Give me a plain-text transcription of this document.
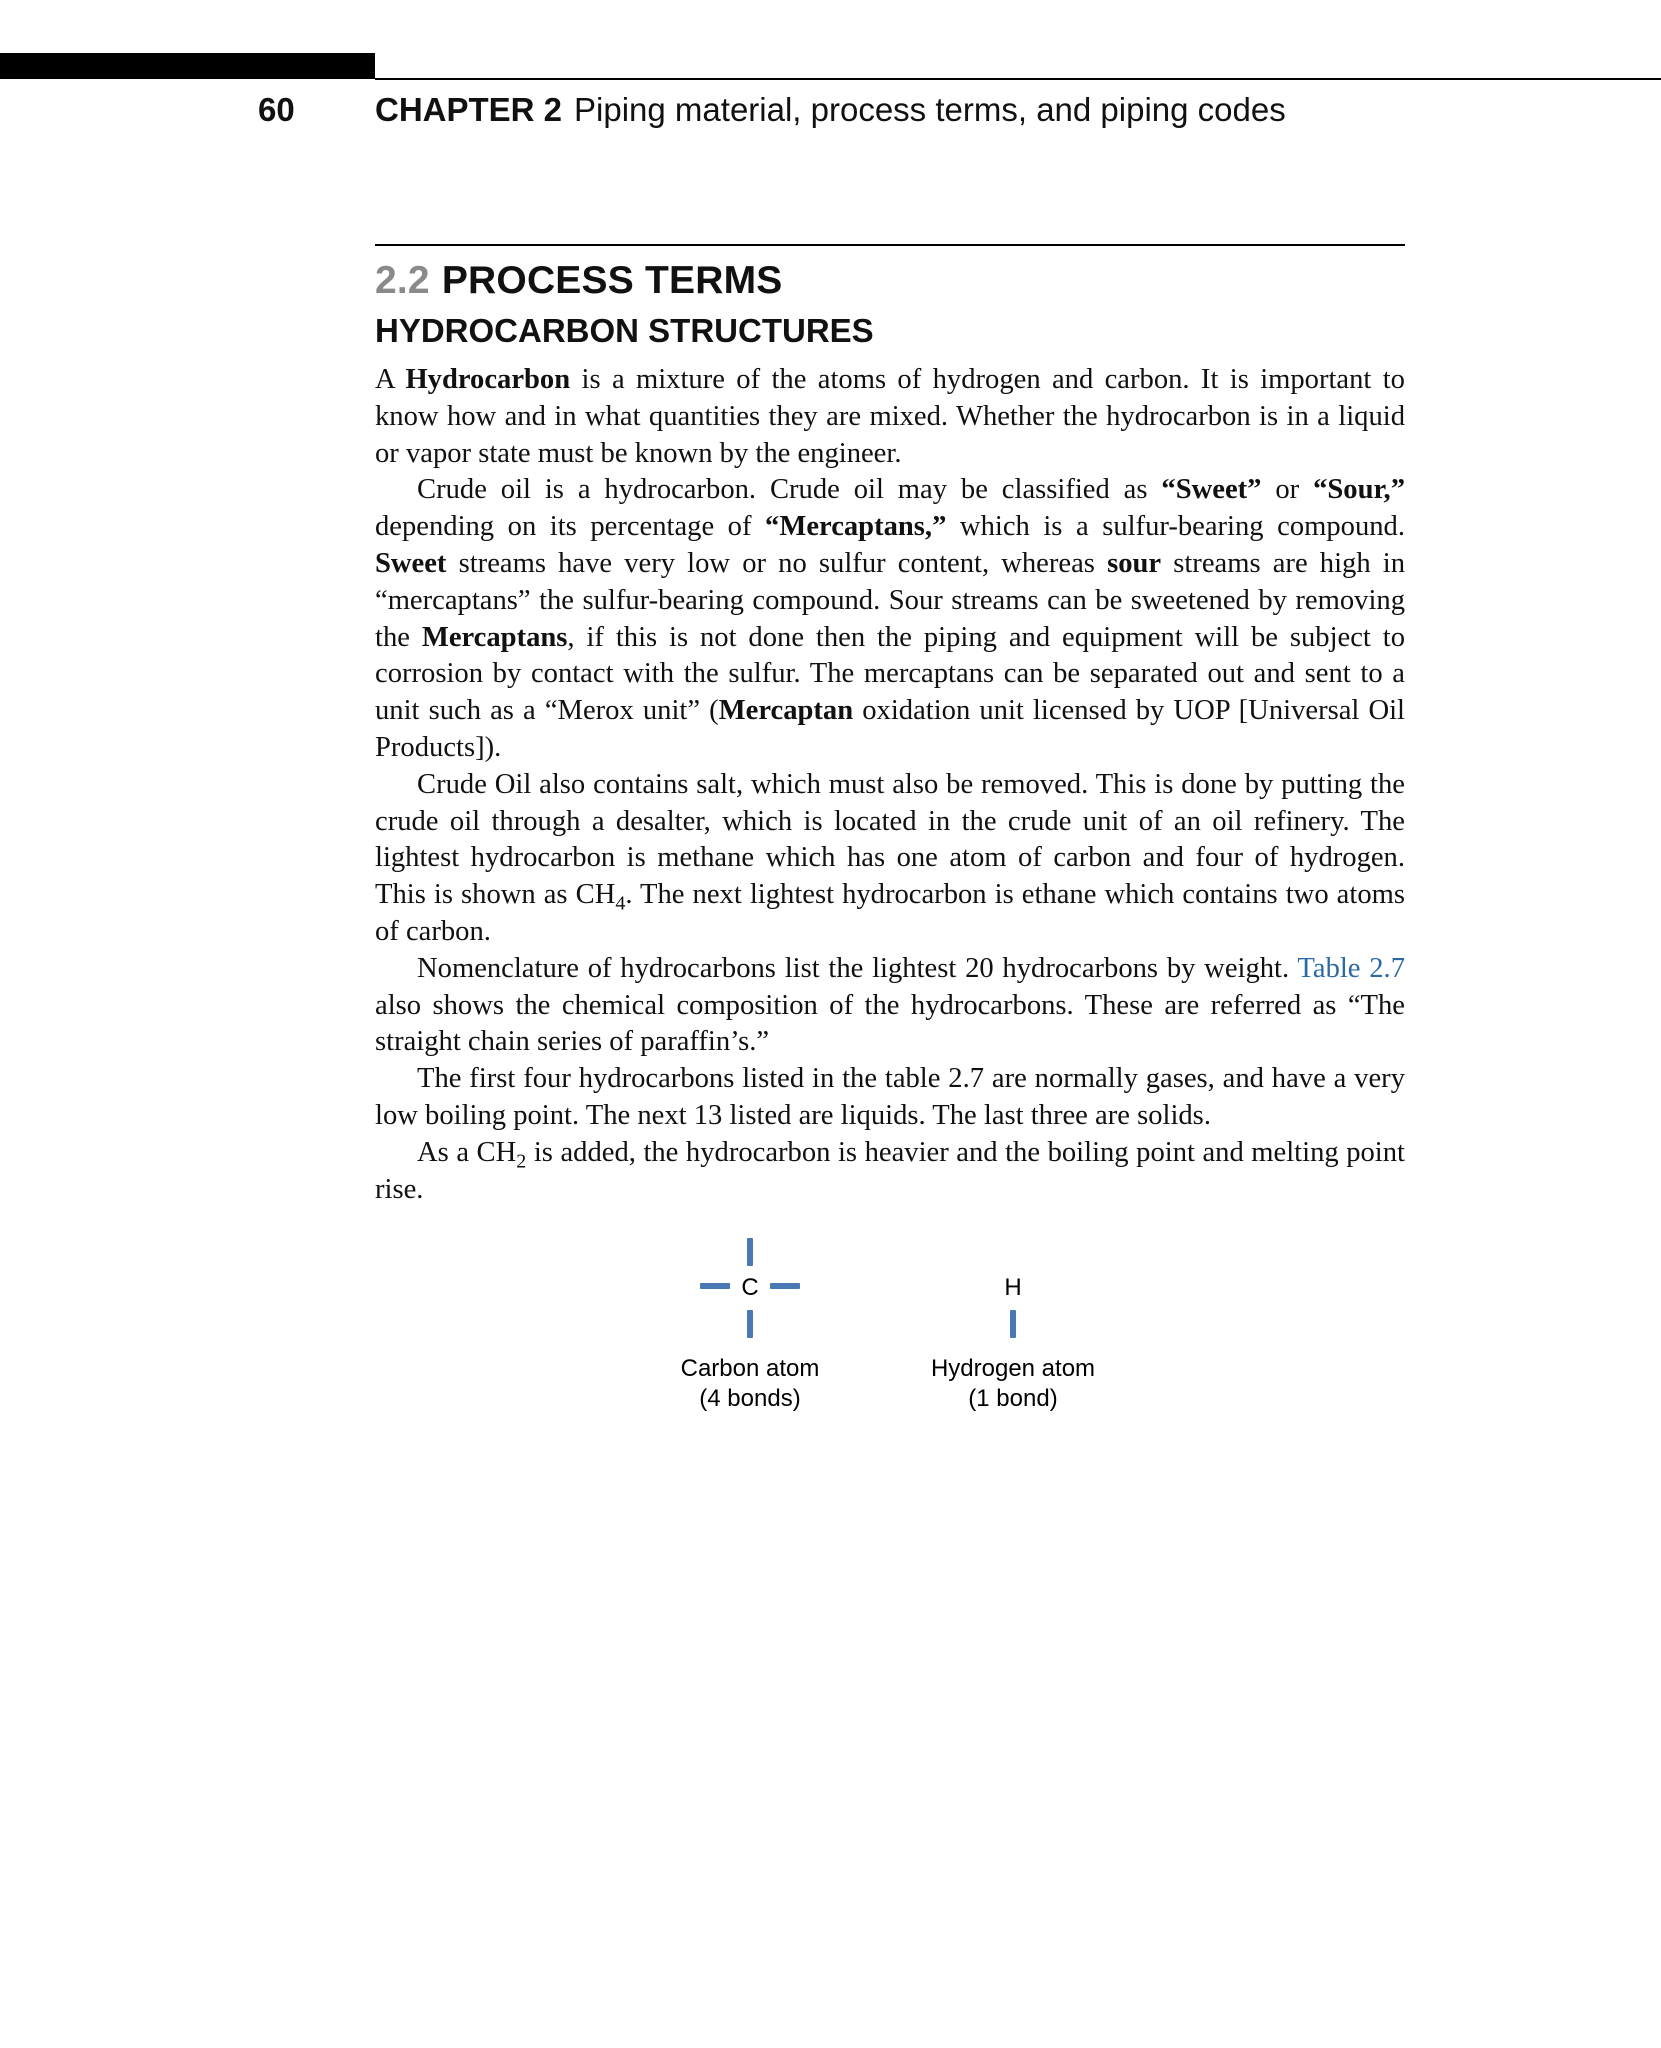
60 CHAPTER 2 Piping material, process terms, and piping codes
2.2 PROCESS TERMS
HYDROCARBON STRUCTURES

A Hydrocarbon is a mixture of the atoms of hydrogen and carbon. It is important to know how and in what quantities they are mixed. Whether the hydrocarbon is in a liquid or vapor state must be known by the engineer.

Crude oil is a hydrocarbon. Crude oil may be classified as “Sweet” or “Sour,” depending on its percentage of “Mercaptans,” which is a sulfur-bearing compound. Sweet streams have very low or no sulfur content, whereas sour streams are high in “mercaptans” the sulfur-bearing compound. Sour streams can be sweetened by removing the Mercaptans, if this is not done then the piping and equipment will be subject to corrosion by contact with the sulfur. The mercaptans can be separated out and sent to a unit such as a “Merox unit” (Mercaptan oxidation unit licensed by UOP [Universal Oil Products]).

Crude Oil also contains salt, which must also be removed. This is done by putting the crude oil through a desalter, which is located in the crude unit of an oil refinery. The lightest hydrocarbon is methane which has one atom of carbon and four of hydrogen. This is shown as $CH_4$. The next lightest hydrocarbon is ethane which contains two atoms of carbon.

Nomenclature of hydrocarbons list the lightest 20 hydrocarbons by weight. Table 2.7 also shows the chemical composition of the hydrocarbons. These are referred as “The straight chain series of paraffin’s.”

The first four hydrocarbons listed in the table 2.7 are normally gases, and have a very low boiling point. The next 13 listed are liquids. The last three are solids.

As a $CH_2$ is added, the hydrocarbon is heavier and the boiling point and melting point rise.

C	H
Carbon atom
(4 bonds)
Hydrogen atom
(1 bond)
